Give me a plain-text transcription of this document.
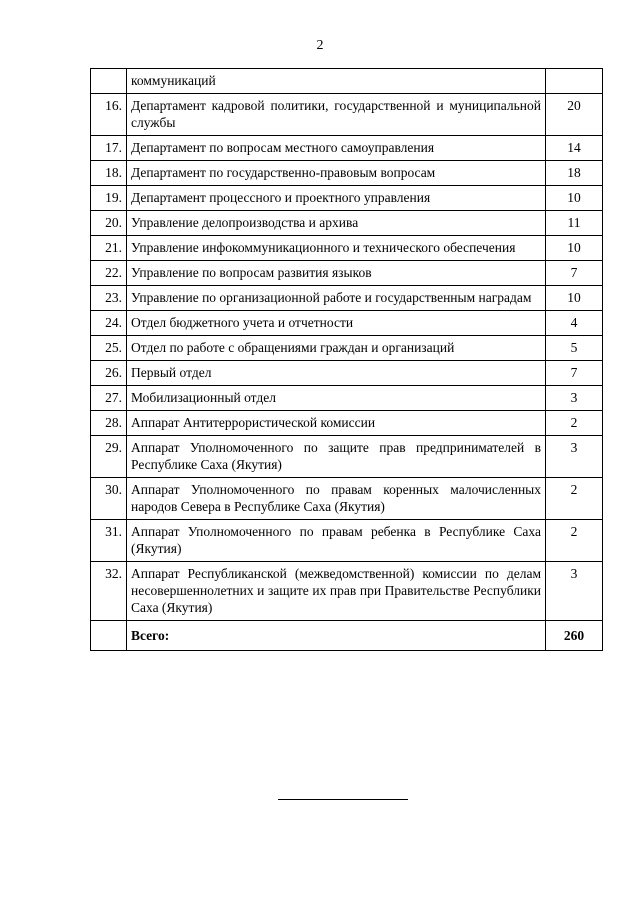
2
	коммуникаций	
16.	Департамент кадровой политики, государственной и муниципальной службы	20
17.	Департамент по вопросам местного самоуправления	14
18.	Департамент по государственно-правовым вопросам	18
19.	Департамент процессного и проектного управления	10
20.	Управление делопроизводства и архива	11
21.	Управление инфокоммуникационного и технического обеспечения	10
22.	Управление по вопросам развития языков	7
23.	Управление по организационной работе и государственным наградам	10
24.	Отдел бюджетного учета и отчетности	4
25.	Отдел по работе с обращениями граждан и организаций	5
26.	Первый отдел	7
27.	Мобилизационный отдел	3
28.	Аппарат Антитеррористической комиссии	2
29.	Аппарат Уполномоченного по защите прав предпринимателей в Республике Саха (Якутия)	3
30.	Аппарат Уполномоченного по правам коренных малочисленных народов Севера в Республике Саха (Якутия)	2
31.	Аппарат Уполномоченного по правам ребенка в Республике Саха (Якутия)	2
32.	Аппарат Республиканской (межведомственной) комиссии по делам несовершеннолетних и защите их прав при Правительстве Республики Саха (Якутия)	3
	Всего:	260
